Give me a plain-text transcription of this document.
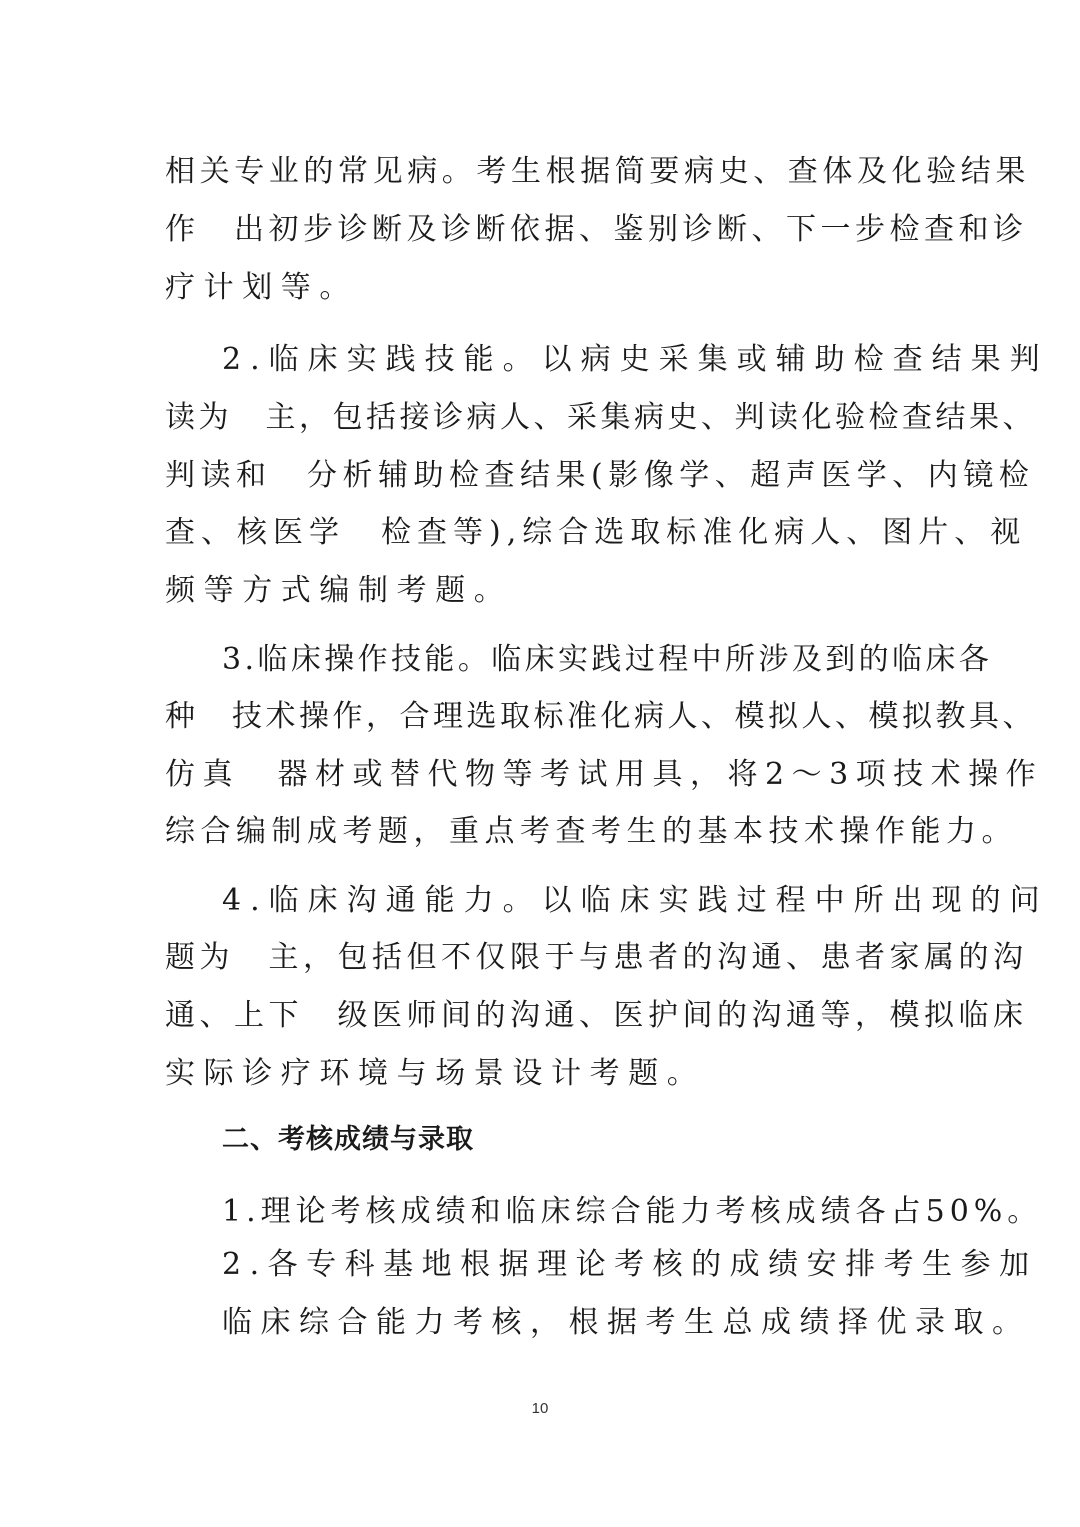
相关专业的常见病。考生根据简要病史、查体及化验结果
作　出初步诊断及诊断依据、鉴别诊断、下一步检查和诊
疗计划等。
2.临床实践技能。以病史采集或辅助检查结果判
读为　主，包括接诊病人、采集病史、判读化验检查结果、
判读和　分析辅助检查结果(影像学、超声医学、内镜检
查、核医学　检查等),综合选取标准化病人、图片、视
频等方式编制考题。
3.临床操作技能。临床实践过程中所涉及到的临床各
种　技术操作，合理选取标准化病人、模拟人、模拟教具、
仿真　器材或替代物等考试用具，将2～3项技术操作
综合编制成考题，重点考查考生的基本技术操作能力。
4.临床沟通能力。以临床实践过程中所出现的问
题为　主，包括但不仅限于与患者的沟通、患者家属的沟
通、上下　级医师间的沟通、医护间的沟通等，模拟临床
实际诊疗环境与场景设计考题。
二、考核成绩与录取
1.理论考核成绩和临床综合能力考核成绩各占50%。
2.各专科基地根据理论考核的成绩安排考生参加
临床综合能力考核，根据考生总成绩择优录取。
10
